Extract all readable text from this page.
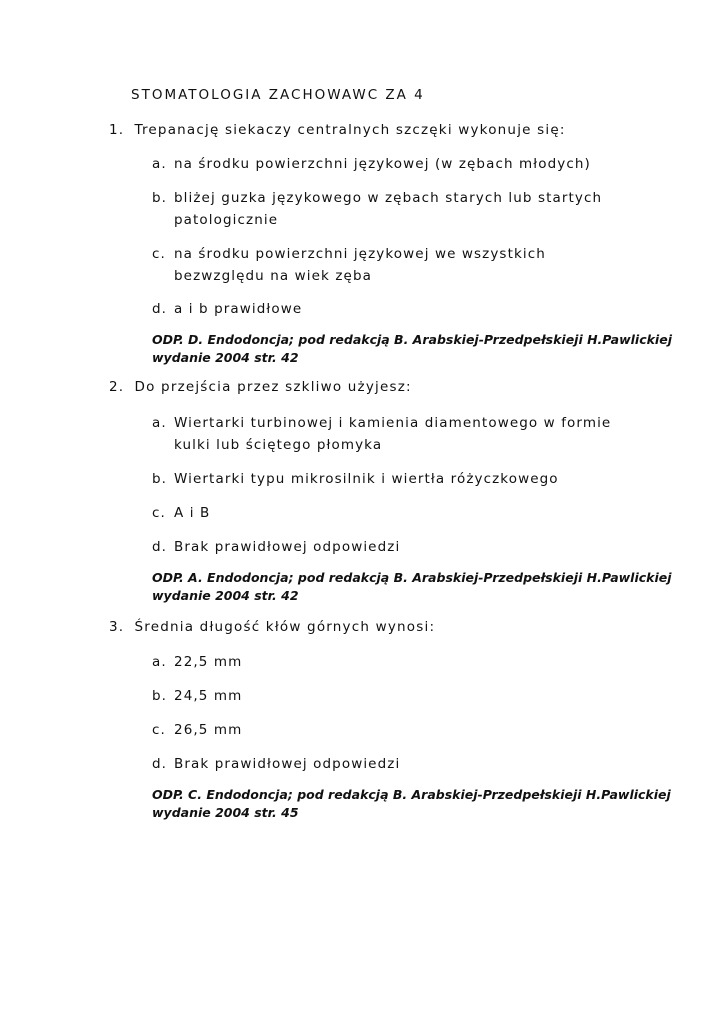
STOMATOLOGIA ZACHOWAWC ZA 4
1. Trepanację siekaczy centralnych szczęki wykonuje się:
a. na środku powierzchni językowej (w zębach młodych)
b. bliżej guzka językowego w zębach starych lub startych patologicznie
c. na środku powierzchni językowej we wszystkich bezwzględu na wiek zęba
d. a i b prawidłowe
ODP. D. Endodoncja; pod redakcją B. Arabskiej-Przedpełskieji H.Pawlickiej
wydanie 2004 str. 42
2. Do przejścia przez szkliwo użyjesz:
a. Wiertarki turbinowej i kamienia diamentowego w formie kulki lub ściętego płomyka
b. Wiertarki typu mikrosilnik i wiertła różyczkowego
c. A i B
d. Brak prawidłowej odpowiedzi
ODP. A. Endodoncja; pod redakcją B. Arabskiej-Przedpełskieji H.Pawlickiej
wydanie 2004 str. 42
3. Średnia długość kłów górnych wynosi:
a. 22,5 mm
b. 24,5 mm
c. 26,5 mm
d. Brak prawidłowej odpowiedzi
ODP. C. Endodoncja; pod redakcją B. Arabskiej-Przedpełskieji H.Pawlickiej
wydanie 2004 str. 45
